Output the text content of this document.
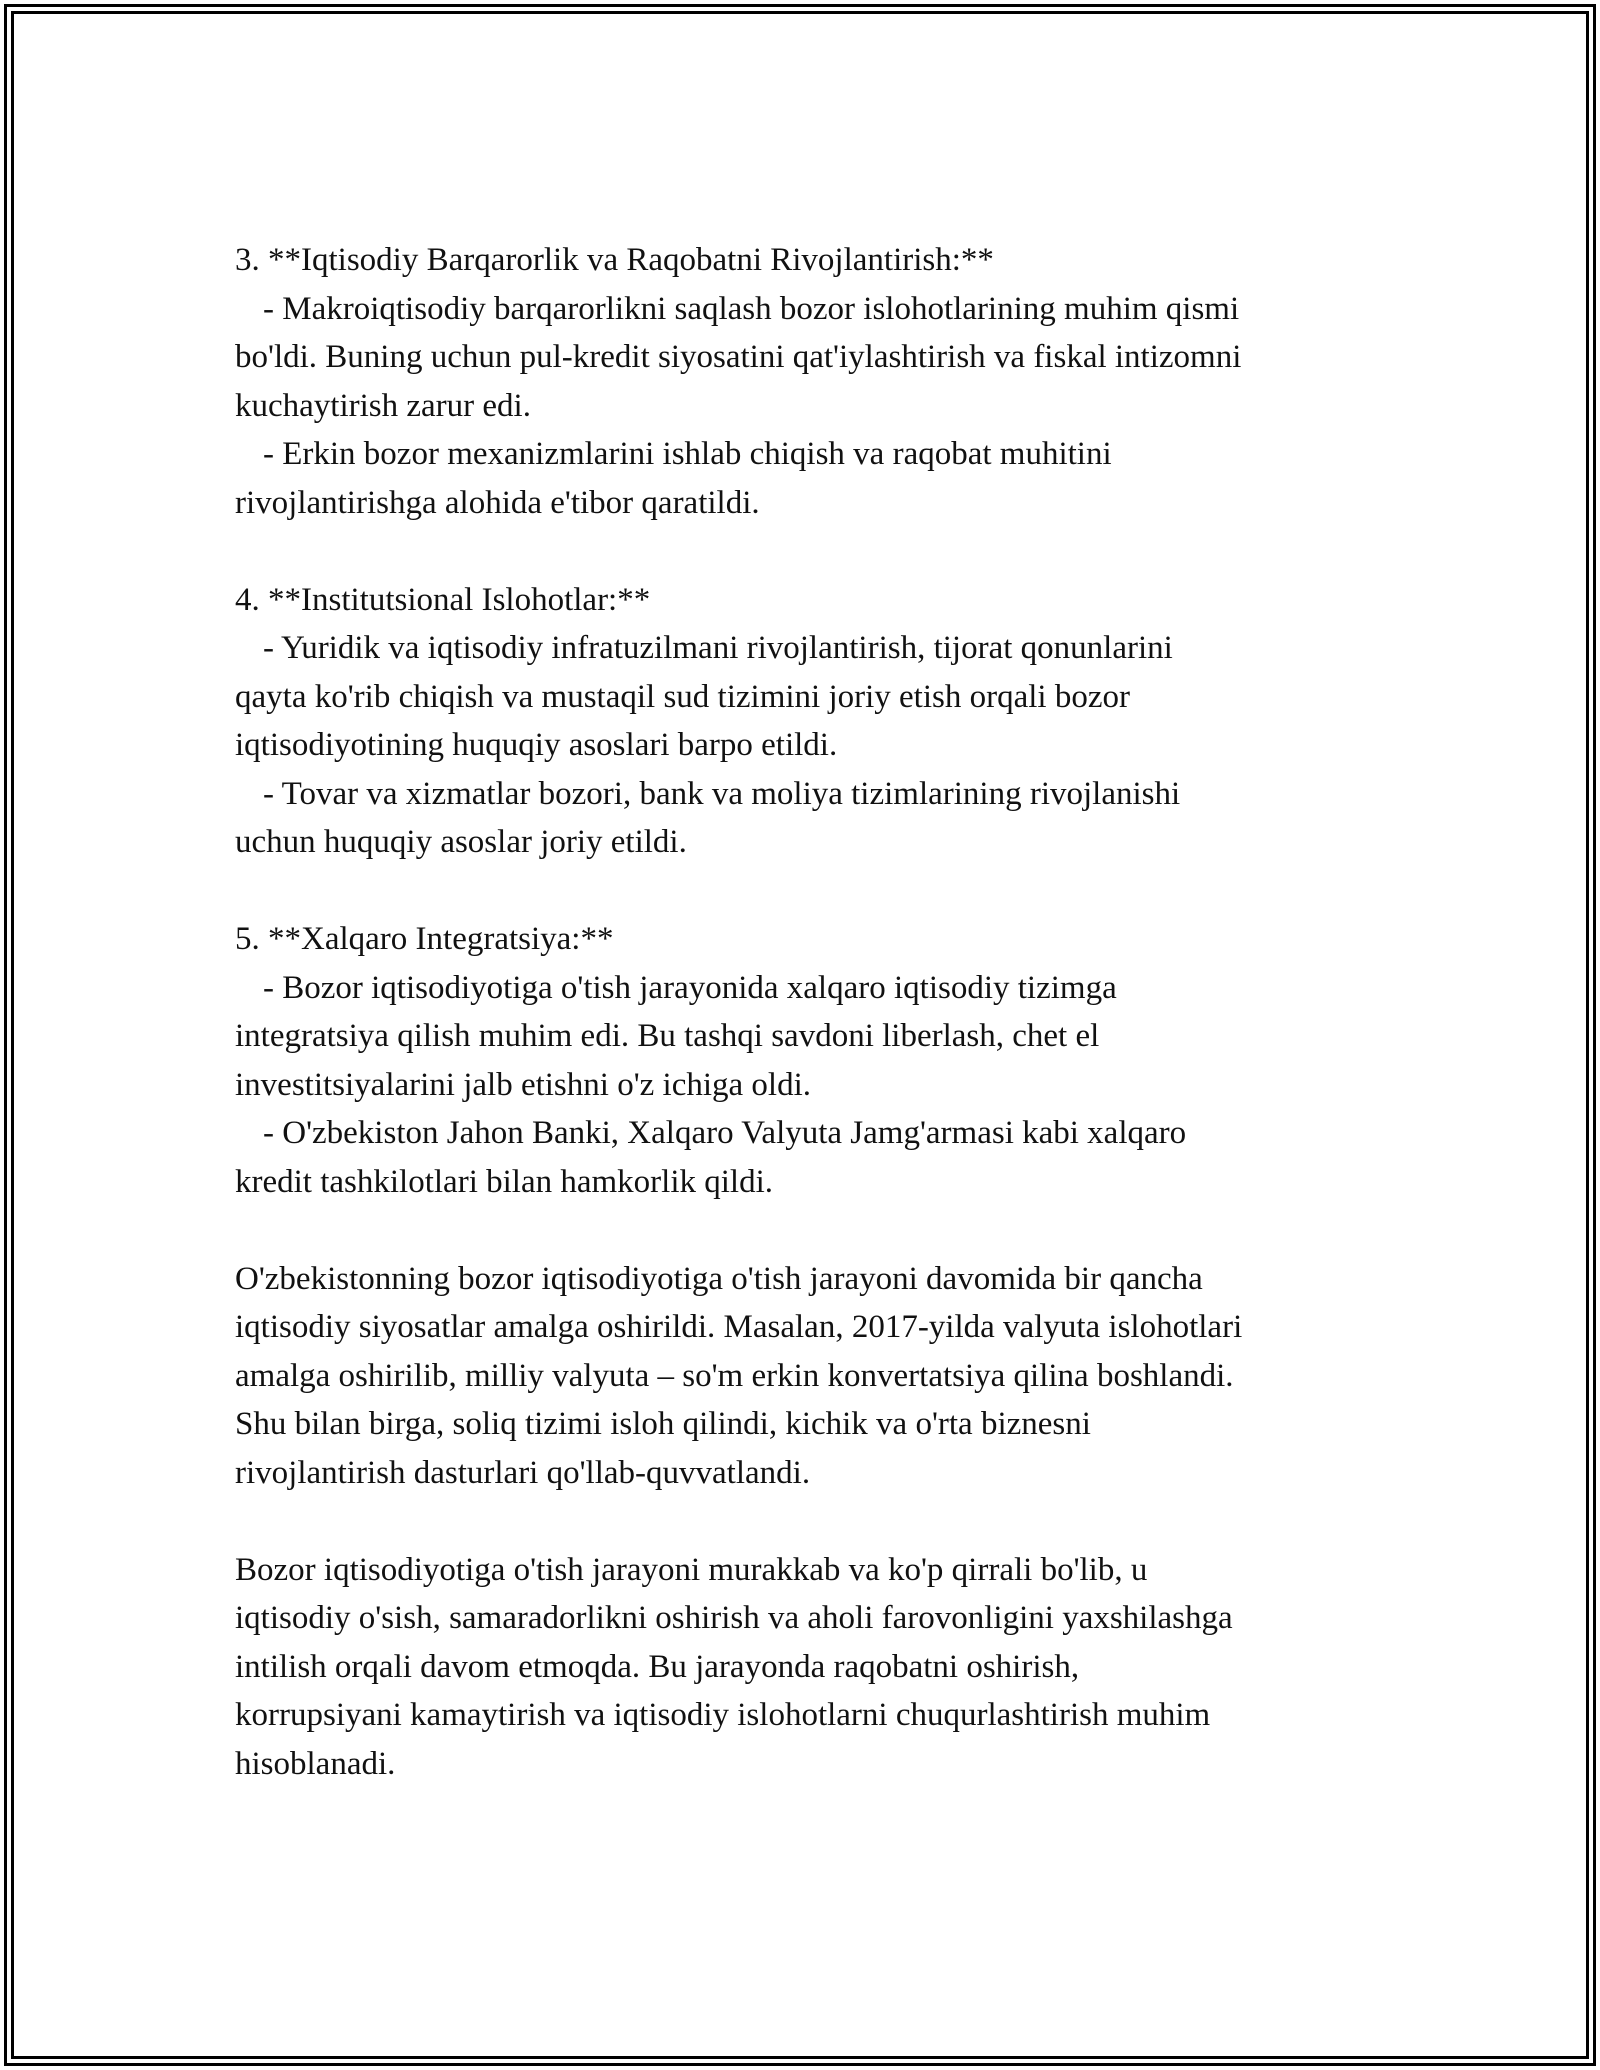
3. **Iqtisodiy Barqarorlik va Raqobatni Rivojlantirish:**
- Makroiqtisodiy barqarorlikni saqlash bozor islohotlarining muhim qismi
bo'ldi. Buning uchun pul-kredit siyosatini qat'iylashtirish va fiskal intizomni
kuchaytirish zarur edi.
- Erkin bozor mexanizmlarini ishlab chiqish va raqobat muhitini
rivojlantirishga alohida e'tibor qaratildi.
4. **Institutsional Islohotlar:**
- Yuridik va iqtisodiy infratuzilmani rivojlantirish, tijorat qonunlarini
qayta ko'rib chiqish va mustaqil sud tizimini joriy etish orqali bozor
iqtisodiyotining huquqiy asoslari barpo etildi.
- Tovar va xizmatlar bozori, bank va moliya tizimlarining rivojlanishi
uchun huquqiy asoslar joriy etildi.
5. **Xalqaro Integratsiya:**
- Bozor iqtisodiyotiga o'tish jarayonida xalqaro iqtisodiy tizimga
integratsiya qilish muhim edi. Bu tashqi savdoni liberlash, chet el
investitsiyalarini jalb etishni o'z ichiga oldi.
- O'zbekiston Jahon Banki, Xalqaro Valyuta Jamg'armasi kabi xalqaro
kredit tashkilotlari bilan hamkorlik qildi.
O'zbekistonning bozor iqtisodiyotiga o'tish jarayoni davomida bir qancha
iqtisodiy siyosatlar amalga oshirildi. Masalan, 2017-yilda valyuta islohotlari
amalga oshirilib, milliy valyuta – so'm erkin konvertatsiya qilina boshlandi.
Shu bilan birga, soliq tizimi isloh qilindi, kichik va o'rta biznesni
rivojlantirish dasturlari qo'llab-quvvatlandi.
Bozor iqtisodiyotiga o'tish jarayoni murakkab va ko'p qirrali bo'lib, u
iqtisodiy o'sish, samaradorlikni oshirish va aholi farovonligini yaxshilashga
intilish orqali davom etmoqda. Bu jarayonda raqobatni oshirish,
korrupsiyani kamaytirish va iqtisodiy islohotlarni chuqurlashtirish muhim
hisoblanadi.
